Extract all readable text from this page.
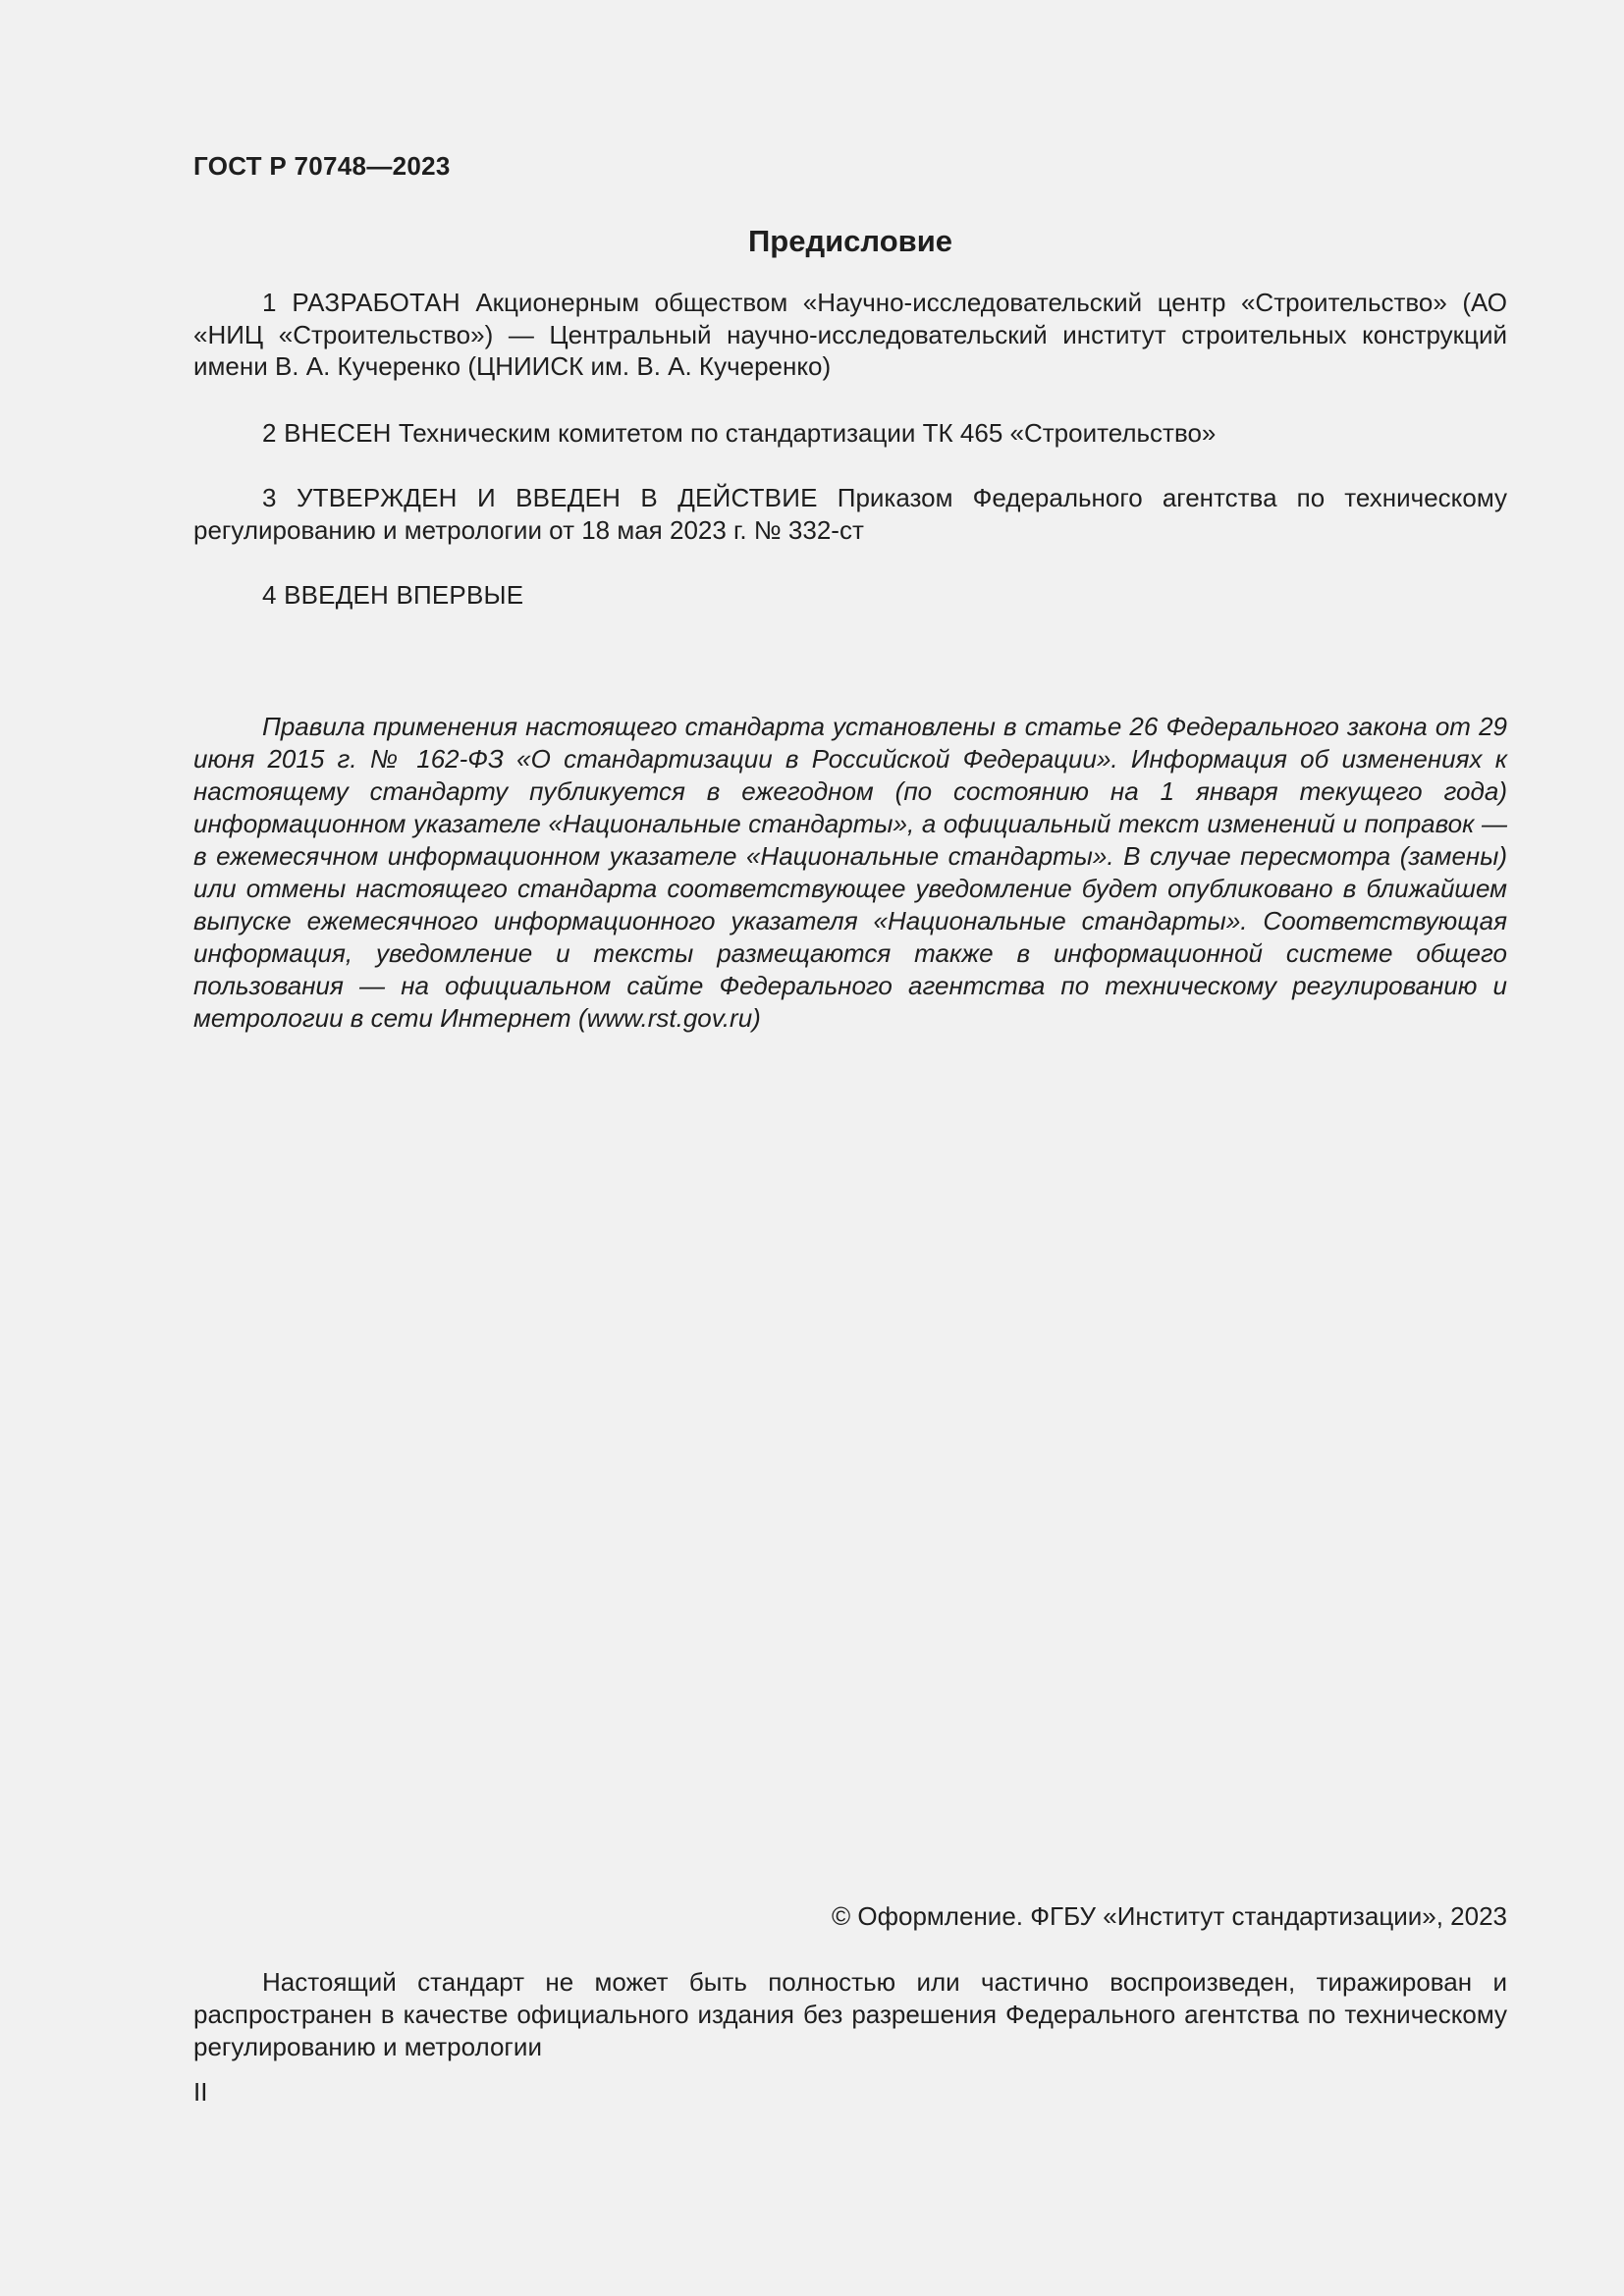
ГОСТ Р 70748—2023
Предисловие

1 РАЗРАБОТАН Акционерным обществом «Научно-исследовательский центр «Строительство» (АО «НИЦ «Строительство») — Центральный научно-исследовательский институт строительных конструкций имени В. А. Кучеренко (ЦНИИСК им. В. А. Кучеренко)

2 ВНЕСЕН Техническим комитетом по стандартизации ТК 465 «Строительство»

3 УТВЕРЖДЕН И ВВЕДЕН В ДЕЙСТВИЕ Приказом Федерального агентства по техническому регулированию и метрологии от 18 мая 2023 г. № 332-ст

4 ВВЕДЕН ВПЕРВЫЕ

Правила применения настоящего стандарта установлены в статье 26 Федерального закона от 29 июня 2015 г. № 162-ФЗ «О стандартизации в Российской Федерации». Информация об изменениях к настоящему стандарту публикуется в ежегодном (по состоянию на 1 января текущего года) информационном указателе «Национальные стандарты», а официальный текст изменений и поправок — в ежемесячном информационном указателе «Национальные стандарты». В случае пересмотра (замены) или отмены настоящего стандарта соответствующее уведомление будет опубликовано в ближайшем выпуске ежемесячного информационного указателя «Национальные стандарты». Соответствующая информация, уведомление и тексты размещаются также в информационной системе общего пользования — на официальном сайте Федерального агентства по техническому регулированию и метрологии в сети Интернет (www.rst.gov.ru)

© Оформление. ФГБУ «Институт стандартизации», 2023

Настоящий стандарт не может быть полностью или частично воспроизведен, тиражирован и распространен в качестве официального издания без разрешения Федерального агентства по техническому регулированию и метрологии

II
